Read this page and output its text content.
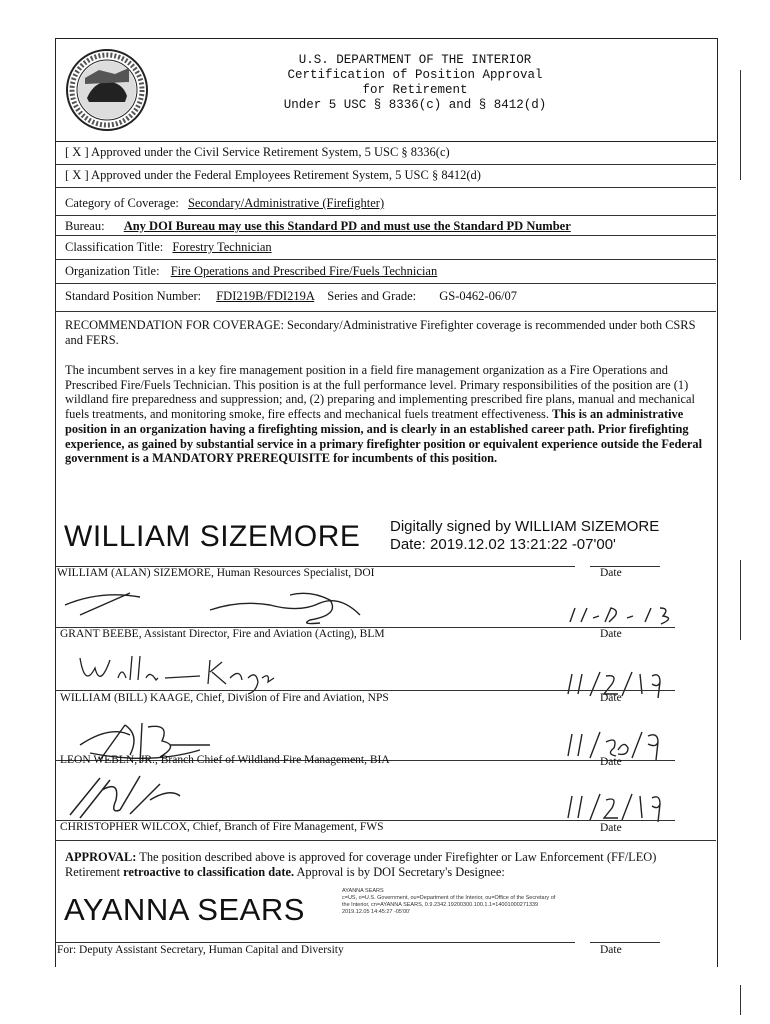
U.S. DEPARTMENT OF THE INTERIOR
Certification of Position Approval
for Retirement
Under 5 USC § 8336(c) and § 8412(d)
[ X ] Approved under the Civil Service Retirement System, 5 USC § 8336(c)
[ X ] Approved under the Federal Employees Retirement System, 5 USC § 8412(d)
Category of Coverage: Secondary/Administrative (Firefighter)
Bureau: Any DOI Bureau may use this Standard PD and must use the Standard PD Number
Classification Title: Forestry Technician
Organization Title: Fire Operations and Prescribed Fire/Fuels Technician
Standard Position Number: FDI219B/FDI219A Series and Grade: GS-0462-06/07
RECOMMENDATION FOR COVERAGE: Secondary/Administrative Firefighter coverage is recommended under both CSRS and FERS.
The incumbent serves in a key fire management position in a field fire management organization as a Fire Operations and Prescribed Fire/Fuels Technician. This position is at the full performance level. Primary responsibilities of the position are (1) wildland fire preparedness and suppression; and, (2) preparing and implementing prescribed fire plans, manual and mechanical fuels treatments, and monitoring smoke, fire effects and mechanical fuels treatment effectiveness. This is an administrative position in an organization having a firefighting mission, and is clearly in an established career path. Prior firefighting experience, as gained by substantial service in a primary firefighter position or equivalent experience outside the Federal government is a MANDATORY PREREQUISITE for incumbents of this position.
WILLIAM SIZEMORE Digitally signed by WILLIAM SIZEMORE
Date: 2019.12.02 13:21:22 -07'00'
WILLIAM (ALAN) SIZEMORE, Human Resources Specialist, DOI	Date
GRANT BEEBE, Assistant Director, Fire and Aviation (Acting), BLM	Date
WILLIAM (BILL) KAAGE, Chief, Division of Fire and Aviation, NPS	Date
LEON WEBLN, JR., Branch Chief of Wildland Fire Management, BIA	Date
CHRISTOPHER WILCOX, Chief, Branch of Fire Management, FWS	Date
APPROVAL: The position described above is approved for coverage under Firefighter or Law Enforcement (FF/LEO) Retirement retroactive to classification date. Approval is by DOI Secretary's Designee:
AYANNA SEARS
AYANNA SEARS
c=US, o=U.S. Government, ou=Department of the Interior, ou=Office of the Secretary of
the Interior, cn=AYANNA SEARS, 0.9.2342.19200300.100.1.1=14001000271339
2019.12.05 14:45:27 -05'00'
For: Deputy Assistant Secretary, Human Capital and Diversity	Date
